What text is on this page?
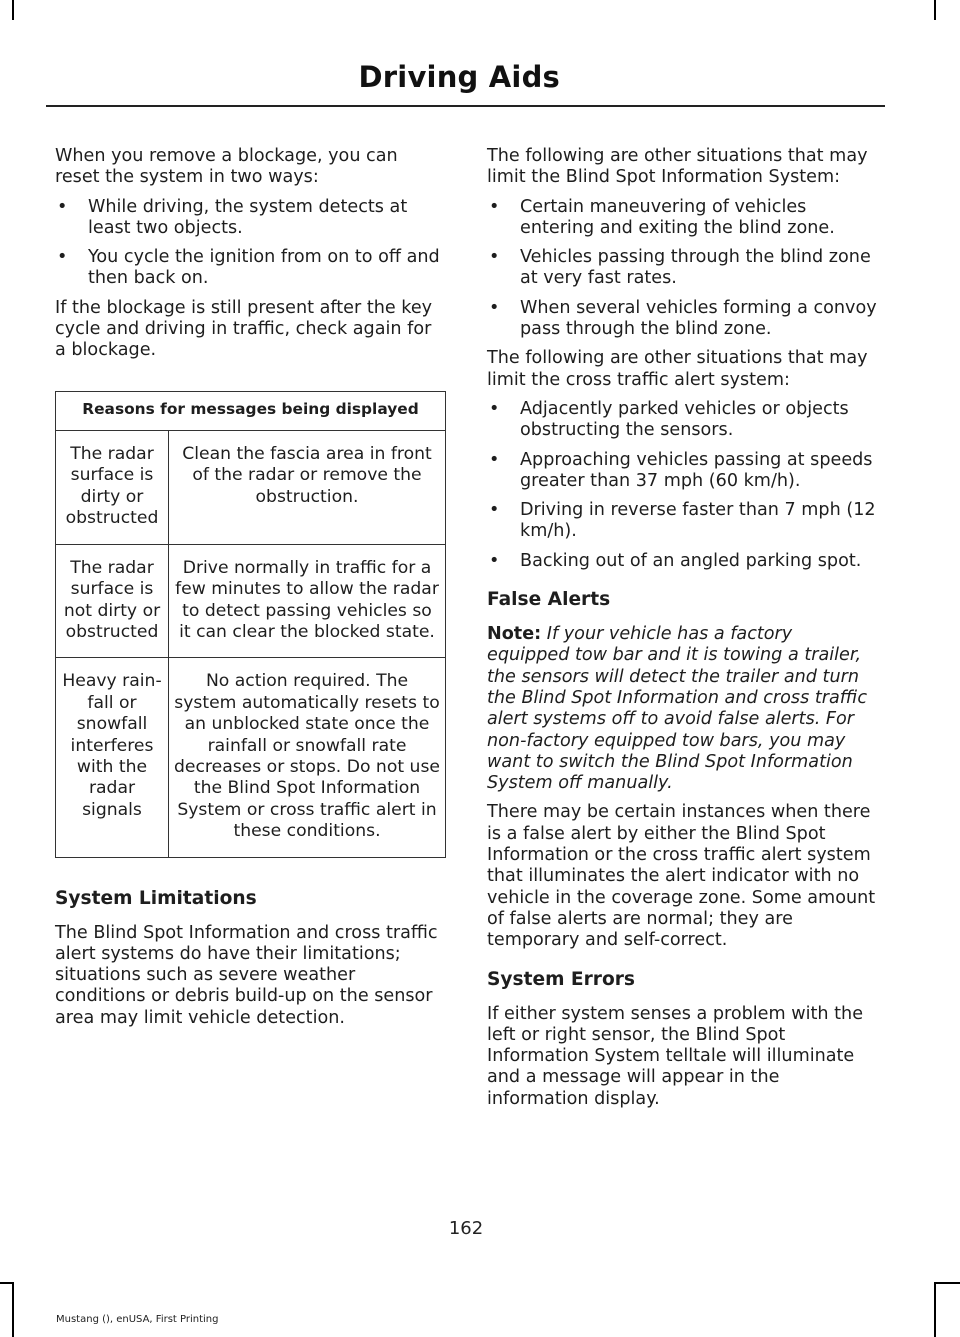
Driving Aids

When you remove a blockage, you can reset the system in two ways:

• While driving, the system detects at least two objects.
• You cycle the ignition from on to off and then back on.

If the blockage is still present after the key cycle and driving in traffic, check again for a blockage.

Reasons for messages being displayed	
The radar surface is dirty or obstructed	Clean the fascia area in front of the radar or remove the obstruction.
The radar surface is not dirty or obstructed	Drive normally in traffic for a few minutes to allow the radar to detect passing vehicles so it can clear the blocked state.
Heavy rain-fall or snowfall interferes with the radar signals	No action required. The system automatically resets to an unblocked state once the rainfall or snowfall rate decreases or stops. Do not use the Blind Spot Information System or cross traffic alert in these conditions.
System Limitations

The Blind Spot Information and cross traffic alert systems do have their limitations; situations such as severe weather conditions or debris build-up on the sensor area may limit vehicle detection.

The following are other situations that may limit the Blind Spot Information System:

• Certain maneuvering of vehicles entering and exiting the blind zone.
• Vehicles passing through the blind zone at very fast rates.
• When several vehicles forming a convoy pass through the blind zone.

The following are other situations that may limit the cross traffic alert system:

• Adjacently parked vehicles or objects obstructing the sensors.
• Approaching vehicles passing at speeds greater than 37 mph (60 km/h).
• Driving in reverse faster than 7 mph (12 km/h).
• Backing out of an angled parking spot.
False Alerts

Note: If your vehicle has a factory equipped tow bar and it is towing a trailer, the sensors will detect the trailer and turn the Blind Spot Information and cross traffic alert systems off to avoid false alerts. For non-factory equipped tow bars, you may want to switch the Blind Spot Information System off manually.

There may be certain instances when there is a false alert by either the Blind Spot Information or the cross traffic alert system that illuminates the alert indicator with no vehicle in the coverage zone. Some amount of false alerts are normal; they are temporary and self-correct.

System Errors

If either system senses a problem with the left or right sensor, the Blind Spot Information System telltale will illuminate and a message will appear in the information display.

162
Mustang (), enUSA, First Printing
